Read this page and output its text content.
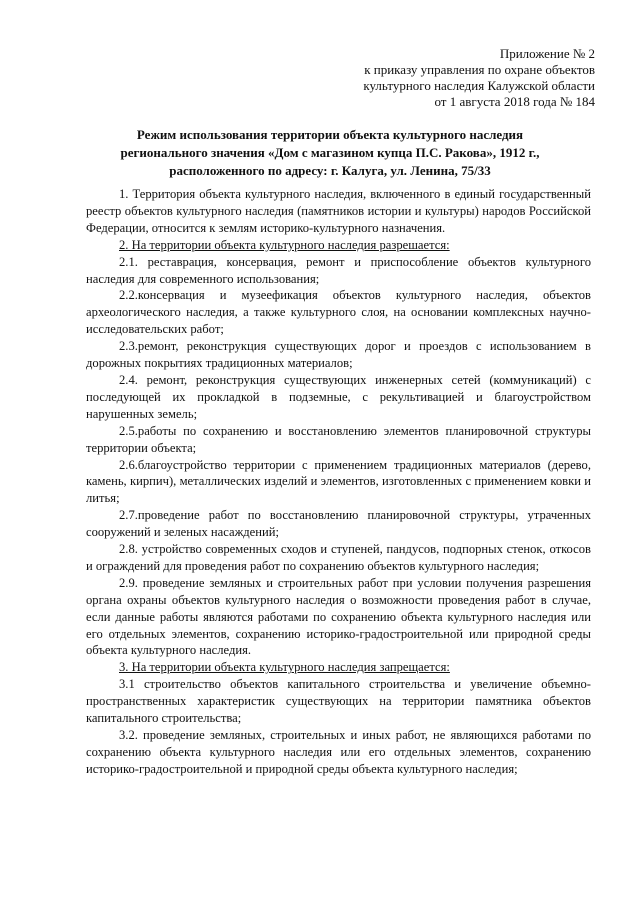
Приложение № 2
к приказу управления по охране объектов
культурного наследия Калужской области
от 1 августа 2018 года № 184
Режим использования территории объекта культурного наследия
регионального значения «Дом с магазином купца П.С. Ракова», 1912 г.,
расположенного по адресу: г. Калуга, ул. Ленина, 75/33

1. Территория объекта культурного наследия, включенного в единый государственный реестр объектов культурного наследия (памятников истории и культуры) народов Российской Федерации, относится к землям историко-культурного назначения.

2. На территории объекта культурного наследия разрешается:

2.1. реставрация, консервация, ремонт и приспособление объектов культурного наследия для современного использования;

2.2.консервация и музеефикация объектов культурного наследия, объектов археологического наследия, а также культурного слоя, на основании комплексных научно-исследовательских работ;

2.3.ремонт, реконструкция существующих дорог и проездов с использованием в дорожных покрытиях традиционных материалов;

2.4. ремонт, реконструкция существующих инженерных сетей (коммуникаций) с последующей их прокладкой в подземные, с рекультивацией и благоустройством нарушенных земель;

2.5.работы по сохранению и восстановлению элементов планировочной структуры территории объекта;

2.6.благоустройство территории с применением традиционных материалов (дерево, камень, кирпич), металлических изделий и элементов, изготовленных с применением ковки и литья;

2.7.проведение работ по восстановлению планировочной структуры, утраченных сооружений и зеленых насаждений;

2.8. устройство современных сходов и ступеней, пандусов, подпорных стенок, откосов и ограждений для проведения работ по сохранению объектов культурного наследия;

2.9. проведение земляных и строительных работ при условии получения разрешения органа охраны объектов культурного наследия о возможности проведения работ в случае, если данные работы являются работами по сохранению объекта культурного наследия или его отдельных элементов, сохранению историко-градостроительной или природной среды объекта культурного наследия.

3. На территории объекта культурного наследия запрещается:

3.1 строительство объектов капитального строительства и увеличение объемно-пространственных характеристик существующих на территории памятника объектов капитального строительства;

3.2. проведение земляных, строительных и иных работ, не являющихся работами по сохранению объекта культурного наследия или его отдельных элементов, сохранению историко-градостроительной и природной среды объекта культурного наследия;
